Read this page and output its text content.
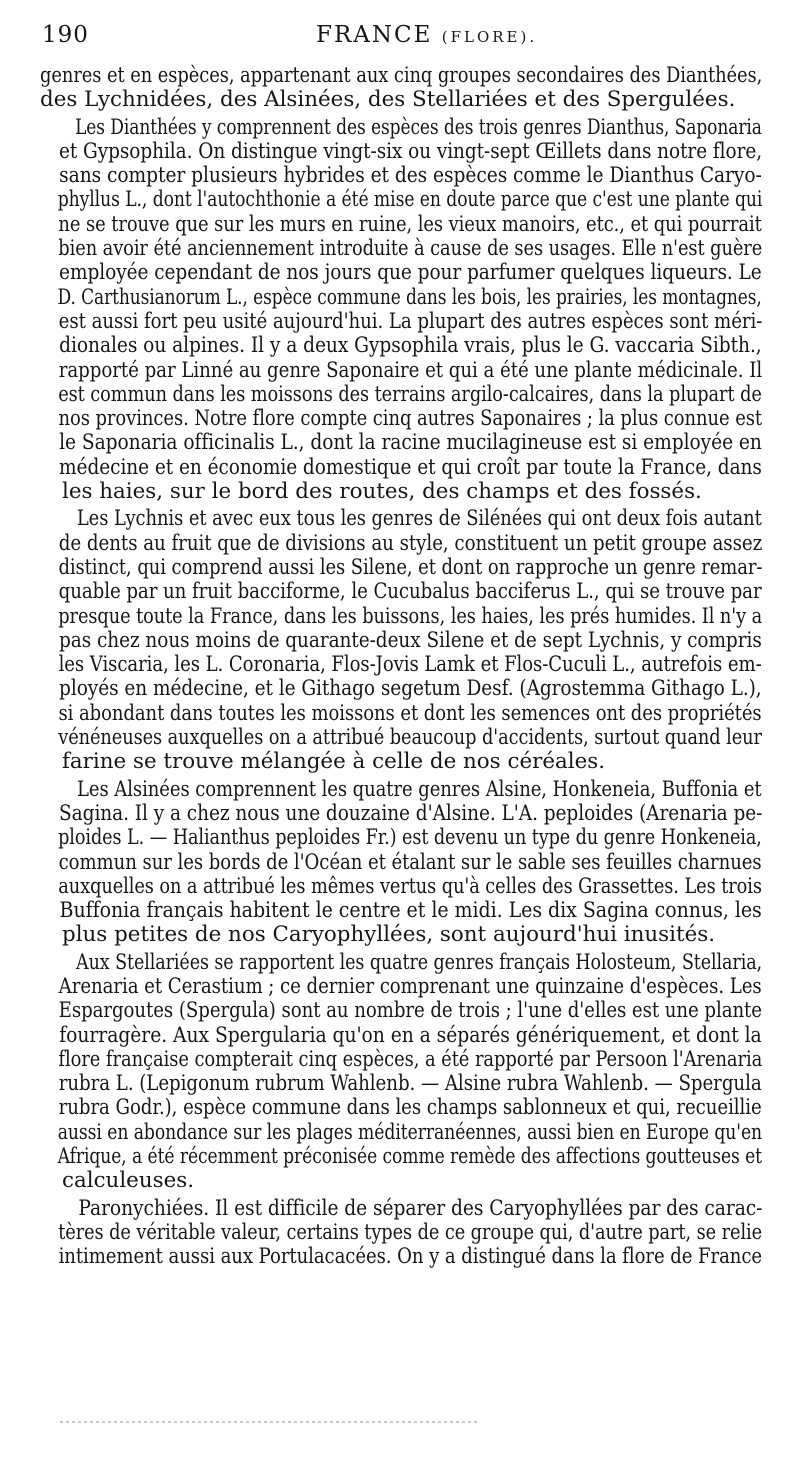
190	FRANCE (FLORE).
genres et en espèces, appartenant aux cinq groupes secondaires des Dianthées,
des Lychnidées, des Alsinées, des Stellariées et des Spergulées.
Les Dianthées y comprennent des espèces des trois genres Dianthus, Saponaria
et Gypsophila. On distingue vingt-six ou vingt-sept Œillets dans notre flore,
sans compter plusieurs hybrides et des espèces comme le Dianthus Caryo-
phyllus L., dont l'autochthonie a été mise en doute parce que c'est une plante qui
ne se trouve que sur les murs en ruine, les vieux manoirs, etc., et qui pourrait
bien avoir été anciennement introduite à cause de ses usages. Elle n'est guère
employée cependant de nos jours que pour parfumer quelques liqueurs. Le
D. Carthusianorum L., espèce commune dans les bois, les prairies, les montagnes,
est aussi fort peu usité aujourd'hui. La plupart des autres espèces sont méri-
dionales ou alpines. Il y a deux Gypsophila vrais, plus le G. vaccaria Sibth.,
rapporté par Linné au genre Saponaire et qui a été une plante médicinale. Il
est commun dans les moissons des terrains argilo-calcaires, dans la plupart de
nos provinces. Notre flore compte cinq autres Saponaires ; la plus connue est
le Saponaria officinalis L., dont la racine mucilagineuse est si employée en
médecine et en économie domestique et qui croît par toute la France, dans
les haies, sur le bord des routes, des champs et des fossés.
Les Lychnis et avec eux tous les genres de Silénées qui ont deux fois autant
de dents au fruit que de divisions au style, constituent un petit groupe assez
distinct, qui comprend aussi les Silene, et dont on rapproche un genre remar-
quable par un fruit bacciforme, le Cucubalus bacciferus L., qui se trouve par
presque toute la France, dans les buissons, les haies, les prés humides. Il n'y a
pas chez nous moins de quarante-deux Silene et de sept Lychnis, y compris
les Viscaria, les L. Coronaria, Flos-Jovis Lamk et Flos-Cuculi L., autrefois em-
ployés en médecine, et le Githago segetum Desf. (Agrostemma Githago L.),
si abondant dans toutes les moissons et dont les semences ont des propriétés
vénéneuses auxquelles on a attribué beaucoup d'accidents, surtout quand leur
farine se trouve mélangée à celle de nos céréales.
Les Alsinées comprennent les quatre genres Alsine, Honkeneia, Buffonia et
Sagina. Il y a chez nous une douzaine d'Alsine. L'A. peploides (Arenaria pe-
ploides L. — Halianthus peploides Fr.) est devenu un type du genre Honkeneia,
commun sur les bords de l'Océan et étalant sur le sable ses feuilles charnues
auxquelles on a attribué les mêmes vertus qu'à celles des Grassettes. Les trois
Buffonia français habitent le centre et le midi. Les dix Sagina connus, les
plus petites de nos Caryophyllées, sont aujourd'hui inusités.
Aux Stellariées se rapportent les quatre genres français Holosteum, Stellaria,
Arenaria et Cerastium ; ce dernier comprenant une quinzaine d'espèces. Les
Espargoutes (Spergula) sont au nombre de trois ; l'une d'elles est une plante
fourragère. Aux Spergularia qu'on en a séparés génériquement, et dont la
flore française compterait cinq espèces, a été rapporté par Persoon l'Arenaria
rubra L. (Lepigonum rubrum Wahlenb. — Alsine rubra Wahlenb. — Spergula
rubra Godr.), espèce commune dans les champs sablonneux et qui, recueillie
aussi en abondance sur les plages méditerranéennes, aussi bien en Europe qu'en
Afrique, a été récemment préconisée comme remède des affections goutteuses et
calculeuses.
Paronychiées. Il est difficile de séparer des Caryophyllées par des carac-
tères de véritable valeur, certains types de ce groupe qui, d'autre part, se relie
intimement aussi aux Portulacacées. On y a distingué dans la flore de France
